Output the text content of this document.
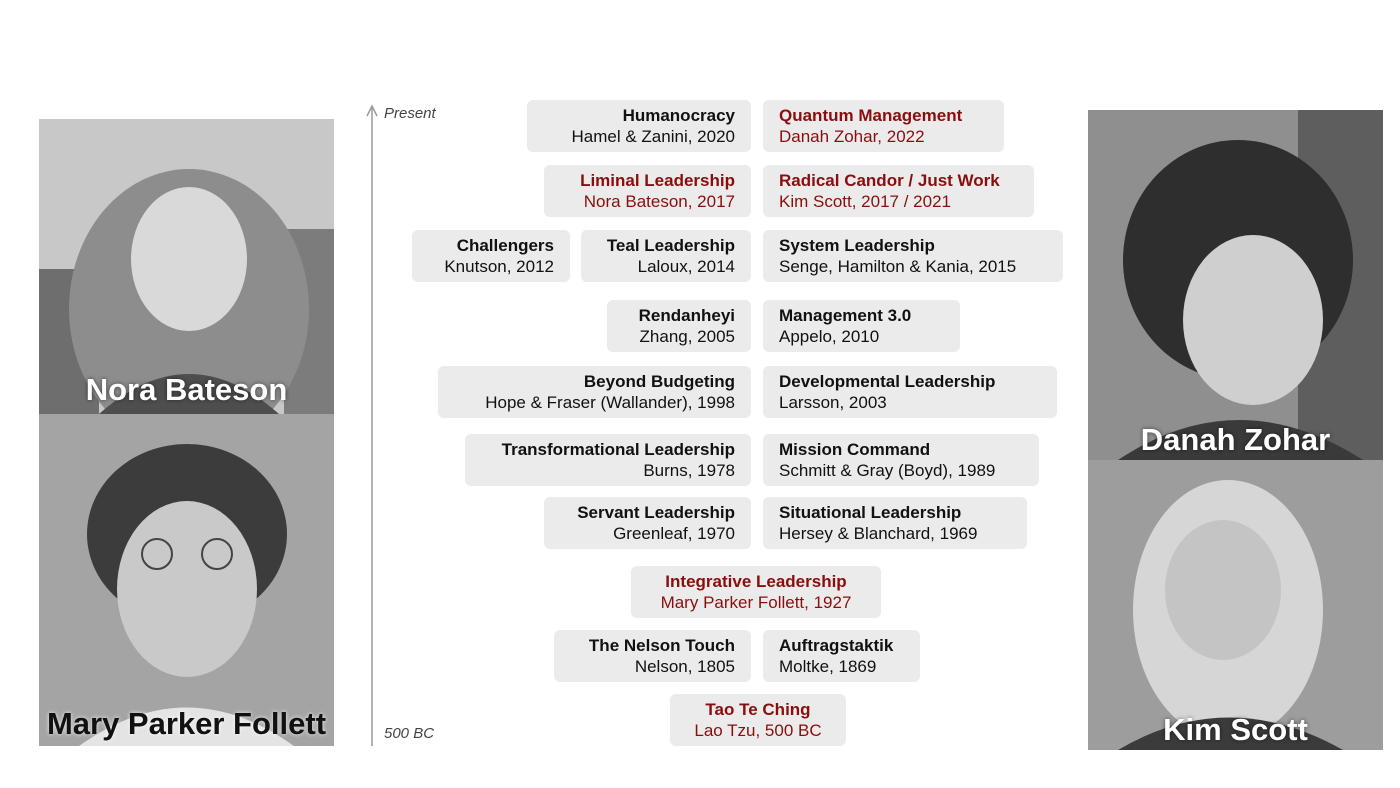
Nora Bateson
Mary Parker Follett
Danah Zohar
Kim Scott
Present
500 BC
Humanocracy
Hamel & Zanini, 2020
Quantum Management
Danah Zohar, 2022
Liminal Leadership
Nora Bateson, 2017
Radical Candor / Just Work
Kim Scott, 2017 / 2021
Challengers
Knutson, 2012
Teal Leadership
Laloux, 2014
System Leadership
Senge, Hamilton & Kania, 2015
Rendanheyi
Zhang, 2005
Management 3.0
Appelo, 2010
Beyond Budgeting
Hope & Fraser (Wallander), 1998
Developmental Leadership
Larsson, 2003
Transformational Leadership
Burns, 1978
Mission Command
Schmitt & Gray (Boyd), 1989
Servant Leadership
Greenleaf, 1970
Situational Leadership
Hersey & Blanchard, 1969
Integrative Leadership
Mary Parker Follett, 1927
The Nelson Touch
Nelson, 1805
Auftragstaktik
Moltke, 1869
Tao Te Ching
Lao Tzu, 500 BC
